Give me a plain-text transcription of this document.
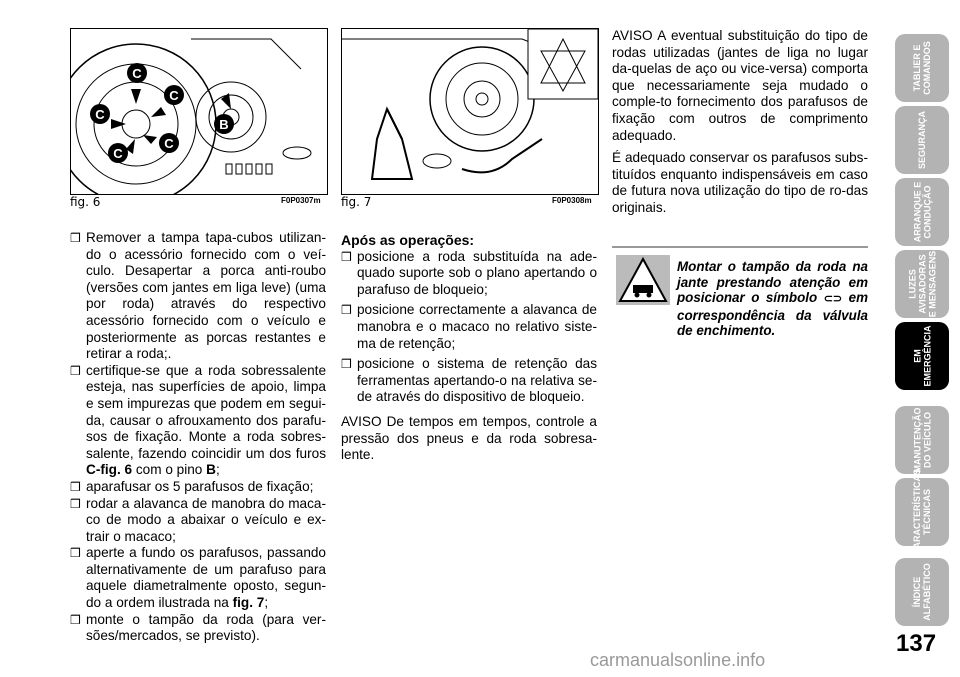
C
C
C
C
C
B
fig. 6	F0P0307m fig. 7	F0P0308m

❒ Remover a tampa tapa-cubos utilizan-do o acessório fornecido com o veí-culo. Desapertar a porca anti-roubo (versões com jantes em liga leve) (uma por roda) através do respectivo acessório fornecido com o veículo e posteriormente as porcas restantes e retirar a roda;.

❒ certifique-se que a roda sobressalente esteja, nas superfícies de apoio, limpa e sem impurezas que podem em segui-da, causar o afrouxamento dos parafu-sos de fixação. Monte a roda sobres-salente, fazendo coincidir um dos furos C-fig. 6 com o pino B;

❒ aparafusar os 5 parafusos de fixação;

❒ rodar a alavanca de manobra do maca-co de modo a abaixar o veículo e ex-trair o macaco;

❒ aperte a fundo os parafusos, passando alternativamente de um parafuso para aquele diametralmente oposto, segun-do a ordem ilustrada na fig. 7;

❒ monte o tampão da roda (para ver-sões/mercados, se previsto).

Após as operações:

❒ posicione a roda substituída na ade-quado suporte sob o plano apertando o parafuso de bloqueio;

❒ posicione correctamente a alavanca de manobra e o macaco no relativo siste-ma de retenção;

❒ posicione o sistema de retenção das ferramentas apertando-o na relativa se-de através do dispositivo de bloqueio.

AVISO De tempos em tempos, controle a pressão dos pneus e da roda sobresa-lente.

AVISO A eventual substituição do tipo de rodas utilizadas (jantes de liga no lugar da-quelas de aço ou vice-versa) comporta que necessariamente seja mudado o comple-to fornecimento dos parafusos de fixação com outros de comprimento adequado.

É adequado conservar os parafusos subs-tituídos enquanto indispensáveis em caso de futura nova utilização do tipo de ro-das originais.

Montar o tampão da roda na jante prestando atenção em posicionar o símbolo ⊂⊃ em correspondência da válvula de enchimento.
TABLIER E
COMANDOS
SEGURANÇA
ARRANQUE E
CONDUÇÃO
LUZES
AVISADORAS
E MENSAGENS
EM
EMERGÊNCIA
MANUTENÇÃO
DO VEÍCULO
CARACTERÍSTICAS
TÉCNICAS
ÍNDICE
ALFABÉTICO
137
carmanualsonline.info
